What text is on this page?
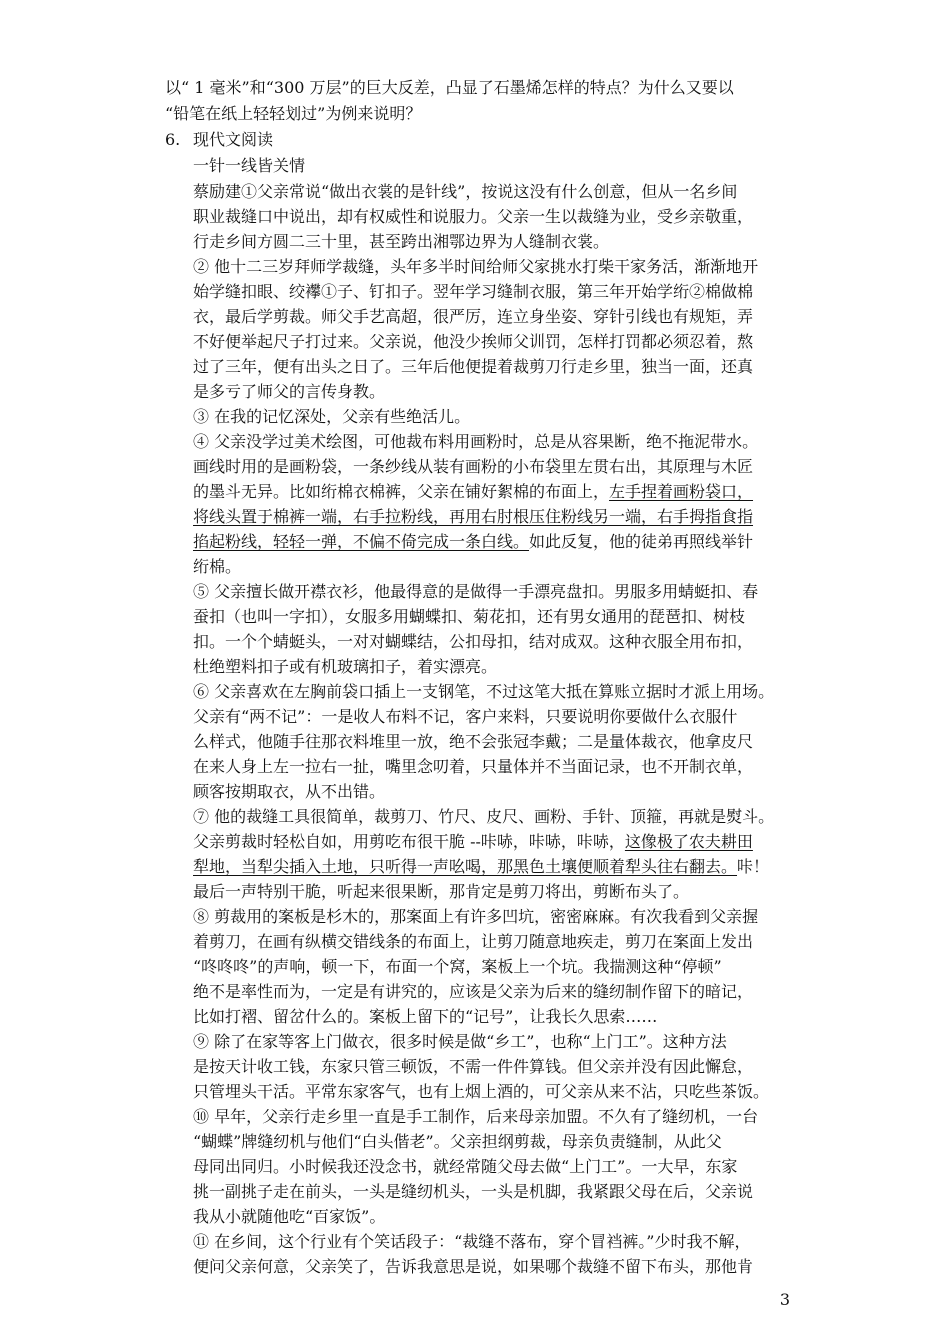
以“ 1 毫米”和“300 万层”的巨大反差，凸显了石墨烯怎样的特点？为什么又要以
“铅笔在纸上轻轻划过”为例来说明？
6. 现代文阅读
一针一线皆关情
蔡励建①父亲常说“做出衣裳的是针线”，按说这没有什么创意，但从一名乡间
职业裁缝口中说出，却有权威性和说服力。父亲一生以裁缝为业，受乡亲敬重，
行走乡间方圆二三十里，甚至跨出湘鄂边界为人缝制衣裳。
② 他十二三岁拜师学裁缝，头年多半时间给师父家挑水打柴干家务活，渐渐地开
始学缝扣眼、绞襻①子、钉扣子。翌年学习缝制衣服，第三年开始学绗②棉做棉
衣，最后学剪裁。师父手艺高超，很严厉，连立身坐姿、穿针引线也有规矩，弄
不好便举起尺子打过来。父亲说，他没少挨师父训罚，怎样打罚都必须忍着，熬
过了三年，便有出头之日了。三年后他便提着裁剪刀行走乡里，独当一面，还真
是多亏了师父的言传身教。
③ 在我的记忆深处，父亲有些绝活儿。
④ 父亲没学过美术绘图，可他裁布料用画粉时，总是从容果断，绝不拖泥带水。
画线时用的是画粉袋，一条纱线从装有画粉的小布袋里左贯右出，其原理与木匠
的墨斗无异。比如绗棉衣棉裤，父亲在铺好絮棉的布面上，左手捏着画粉袋口，
将线头置于棉裤一端，右手拉粉线，再用右肘根压住粉线另一端，右手拇指食指
掐起粉线，轻轻一弹，不偏不倚完成一条白线。如此反复，他的徒弟再照线举针
绗棉。
⑤ 父亲擅长做开襟衣衫，他最得意的是做得一手漂亮盘扣。男服多用蜻蜓扣、春
蚕扣（也叫一字扣），女服多用蝴蝶扣、菊花扣，还有男女通用的琵琶扣、树枝
扣。一个个蜻蜓头，一对对蝴蝶结，公扣母扣，结对成双。这种衣服全用布扣，
杜绝塑料扣子或有机玻璃扣子，着实漂亮。
⑥ 父亲喜欢在左胸前袋口插上一支钢笔，不过这笔大抵在算账立据时才派上用场。
父亲有“两不记”：一是收人布料不记，客户来料，只要说明你要做什么衣服什
么样式，他随手往那衣料堆里一放，绝不会张冠李戴；二是量体裁衣，他拿皮尺
在来人身上左一拉右一扯，嘴里念叨着，只量体并不当面记录，也不开制衣单，
顾客按期取衣，从不出错。
⑦ 他的裁缝工具很简单，裁剪刀、竹尺、皮尺、画粉、手针、顶箍，再就是熨斗。
父亲剪裁时轻松自如，用剪吃布很干脆 --咔哧，咔哧，咔哧，这像极了农夫耕田
犁地，当犁尖插入土地，只听得一声吆喝，那黑色土壤便顺着犁头往右翻去。咔！
最后一声特别干脆，听起来很果断，那肯定是剪刀将出，剪断布头了。
⑧ 剪裁用的案板是杉木的，那案面上有许多凹坑，密密麻麻。有次我看到父亲握
着剪刀，在画有纵横交错线条的布面上，让剪刀随意地疾走，剪刀在案面上发出
“咚咚咚”的声响，顿一下，布面一个窝，案板上一个坑。我揣测这种“停顿”
绝不是率性而为，一定是有讲究的，应该是父亲为后来的缝纫制作留下的暗记，
比如打褶、留岔什么的。案板上留下的“记号”，让我长久思索……
⑨ 除了在家等客上门做衣，很多时候是做“乡工”，也称“上门工”。这种方法
是按天计收工钱，东家只管三顿饭，不需一件件算钱。但父亲并没有因此懈怠，
只管埋头干活。平常东家客气，也有上烟上酒的，可父亲从来不沾，只吃些茶饭。
⑩ 早年，父亲行走乡里一直是手工制作，后来母亲加盟。不久有了缝纫机，一台
“蝴蝶”牌缝纫机与他们“白头偕老”。父亲担纲剪裁，母亲负责缝制，从此父
母同出同归。小时候我还没念书，就经常随父母去做“上门工”。一大早，东家
挑一副挑子走在前头，一头是缝纫机头，一头是机脚，我紧跟父母在后，父亲说
我从小就随他吃“百家饭”。
⑪ 在乡间，这个行业有个笑话段子：“裁缝不落布，穿个冒裆裤。”少时我不解，
便问父亲何意，父亲笑了，告诉我意思是说，如果哪个裁缝不留下布头，那他肯
3
